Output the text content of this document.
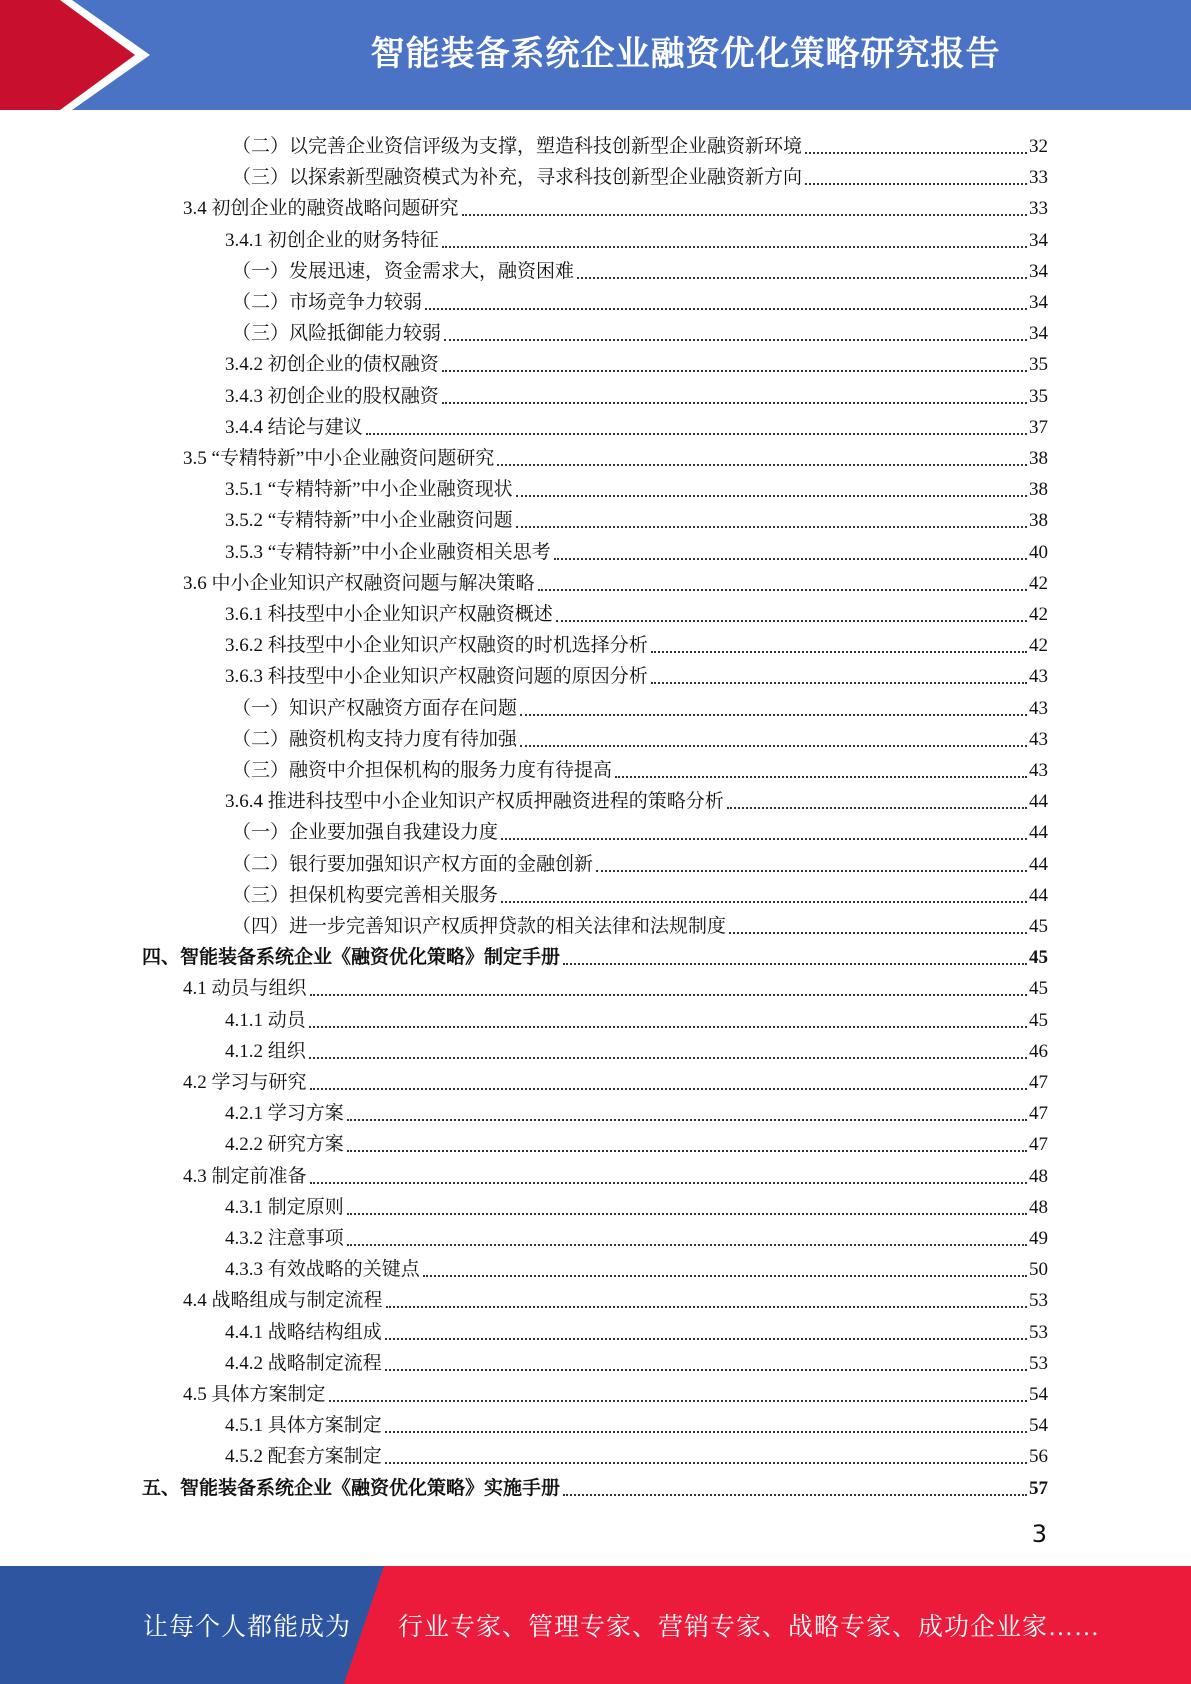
智能装备系统企业融资优化策略研究报告
（二）以完善企业资信评级为支撑，塑造科技创新型企业融资新环境	32
（三）以探索新型融资模式为补充，寻求科技创新型企业融资新方向	33
3.4 初创企业的融资战略问题研究	33
3.4.1 初创企业的财务特征	34
（一）发展迅速，资金需求大，融资困难	34
（二）市场竞争力较弱	34
（三）风险抵御能力较弱	34
3.4.2 初创企业的债权融资	35
3.4.3 初创企业的股权融资	35
3.4.4 结论与建议	37
3.5 “专精特新”中小企业融资问题研究	38
3.5.1 “专精特新”中小企业融资现状	38
3.5.2 “专精特新”中小企业融资问题	38
3.5.3 “专精特新”中小企业融资相关思考	40
3.6 中小企业知识产权融资问题与解决策略	42
3.6.1 科技型中小企业知识产权融资概述	42
3.6.2 科技型中小企业知识产权融资的时机选择分析	42
3.6.3 科技型中小企业知识产权融资问题的原因分析	43
（一）知识产权融资方面存在问题	43
（二）融资机构支持力度有待加强	43
（三）融资中介担保机构的服务力度有待提高	43
3.6.4 推进科技型中小企业知识产权质押融资进程的策略分析	44
（一）企业要加强自我建设力度	44
（二）银行要加强知识产权方面的金融创新	44
（三）担保机构要完善相关服务	44
（四）进一步完善知识产权质押贷款的相关法律和法规制度	45
四、智能装备系统企业《融资优化策略》制定手册	45
4.1 动员与组织	45
4.1.1 动员	45
4.1.2 组织	46
4.2 学习与研究	47
4.2.1 学习方案	47
4.2.2 研究方案	47
4.3 制定前准备	48
4.3.1 制定原则	48
4.3.2 注意事项	49
4.3.3 有效战略的关键点	50
4.4 战略组成与制定流程	53
4.4.1 战略结构组成	53
4.4.2 战略制定流程	53
4.5 具体方案制定	54
4.5.1 具体方案制定	54
4.5.2 配套方案制定	56
五、智能装备系统企业《融资优化策略》实施手册	57
3
让每个人都能成为 行业专家、管理专家、营销专家、战略专家、成功企业家……
